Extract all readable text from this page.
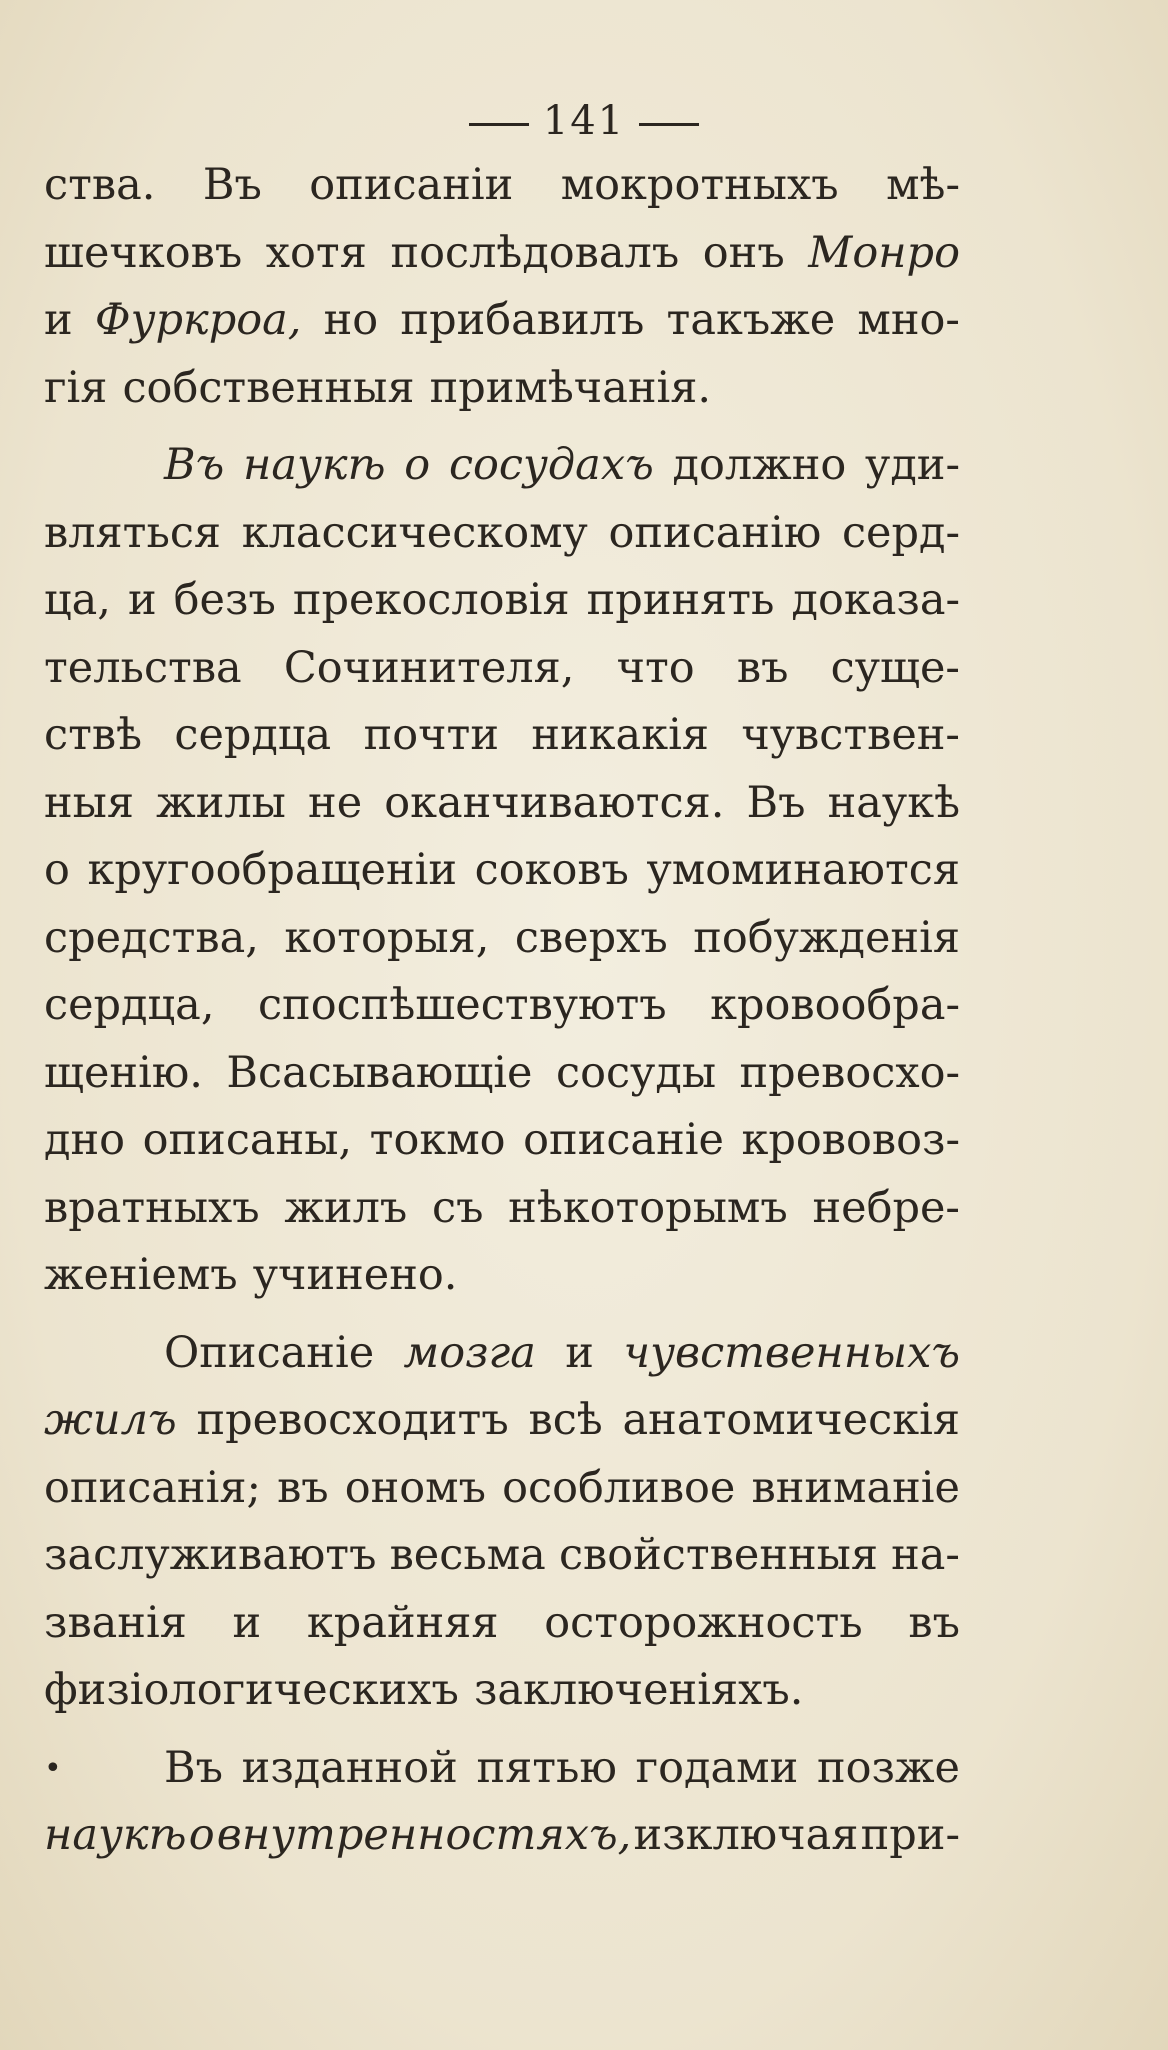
141
ства. Въ описаніи мокротныхъ мѣ-
шечковъ хотя послѣдовалъ онъ Монро
и Фуркроа, но прибавилъ такъже мно-
гія собственныя примѣчанія.
Въ наукѣ о сосудахъ должно уди-
вляться классическому описанію серд-
ца, и безъ прекословія принять доказа-
тельства Сочинителя, что въ суще-
ствѣ сердца почти никакія чувствен-
ныя жилы не оканчиваются. Въ наукѣ
о кругообращеніи соковъ умоминаются
средства, которыя, сверхъ побужденія
сердца, споспѣшествуютъ кровообра-
щенію. Всасывающіе сосуды превосхо-
дно описаны, токмо описаніе крововоз-
вратныхъ жилъ съ нѣкоторымъ небре-
женіемъ учинено.
Описаніе мозга и чувственныхъ
жилъ превосходитъ всѣ анатомическія
описанія; въ ономъ особливое вниманіе
заслуживаютъ весьма свойственныя на-
званія и крайняя осторожность въ
физіологическихъ заключеніяхъ.
•	Въ изданной пятью годами позже
наукѣ о внутренностяхъ, изключая при-
